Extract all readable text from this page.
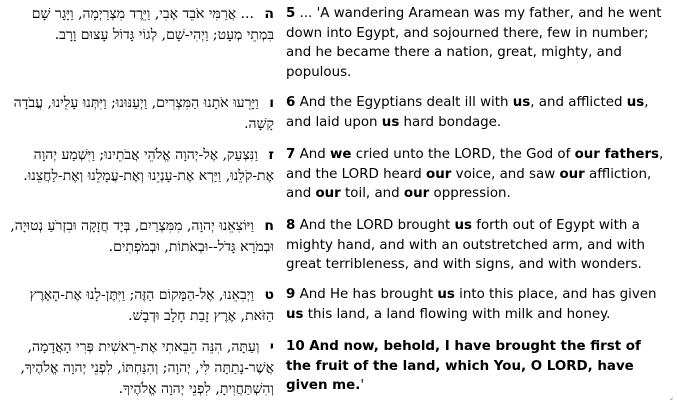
ה ... אֲרַמִּי אֹבֵד אָבִי, וַיֵּרֶד מִצְרַיְמָה, וַיָּגָר שָׁם בִּמְתֵי מְעָט; וַיְהִי-שָׁם, לְגוֹי גָּדוֹל עָצוּם וָרָב.
5 ... 'A wandering Aramean was my father, and he went down into Egypt, and sojourned there, few in number; and he became there a nation, great, mighty, and populous.
ו וַיָּרֵעוּ אֹתָנוּ הַמִּצְרִים, וַיְעַנּוּנוּ; וַיִּתְּנוּ עָלֵינוּ, עֲבֹדָה קָשָׁה.
6 And the Egyptians dealt ill with us, and afflicted us, and laid upon us hard bondage.
ז וַנִּצְעַק, אֶל-יְהוָה אֱלֹהֵי אֲבֹתֵינוּ; וַיִּשְׁמַע יְהוָה אֶת-קֹלֵנוּ, וַיַּרְא אֶת-עָנְיֵנוּ וְאֶת-עֲמָלֵנוּ וְאֶת-לַחֲצֵנוּ.
7 And we cried unto the LORD, the God of our fathers, and the LORD heard our voice, and saw our affliction, and our toil, and our oppression.
ח וַיּוֹצִאֵנוּ יְהוָה, מִמִּצְרַיִם, בְּיָד חֲזָקָה וּבִזְרֹעַ נְטוּיָה, וּבְמֹרָא גָּדֹל--וּבְאֹתוֹת, וּבְמֹפְתִים.
8 And the LORD brought us forth out of Egypt with a mighty hand, and with an outstretched arm, and with great terribleness, and with signs, and with wonders.
ט וַיְבִאֵנוּ, אֶל-הַמָּקוֹם הַזֶּה; וַיִּתֶּן-לָנוּ אֶת-הָאָרֶץ הַזֹּאת, אֶרֶץ זָבַת חָלָב וּדְבָשׁ.
9 And He has brought us into this place, and has given us this land, a land flowing with milk and honey.
י וְעַתָּה, הִנֵּה הֵבֵאתִי אֶת-רֵאשִׁית פְּרִי הָאֲדָמָה, אֲשֶׁר-נָתַתָּה לִּי, יְהוָה; וְהִנַּחְתּוֹ, לִפְנֵי יְהוָה אֱלֹהֶיךָ, וְהִשְׁתַּחֲוִיתָ, לִפְנֵי יְהוָה אֱלֹהֶיךָ.
10 And now, behold, I have brought the first of the fruit of the land, which You, O LORD, have given me.'
⌟
